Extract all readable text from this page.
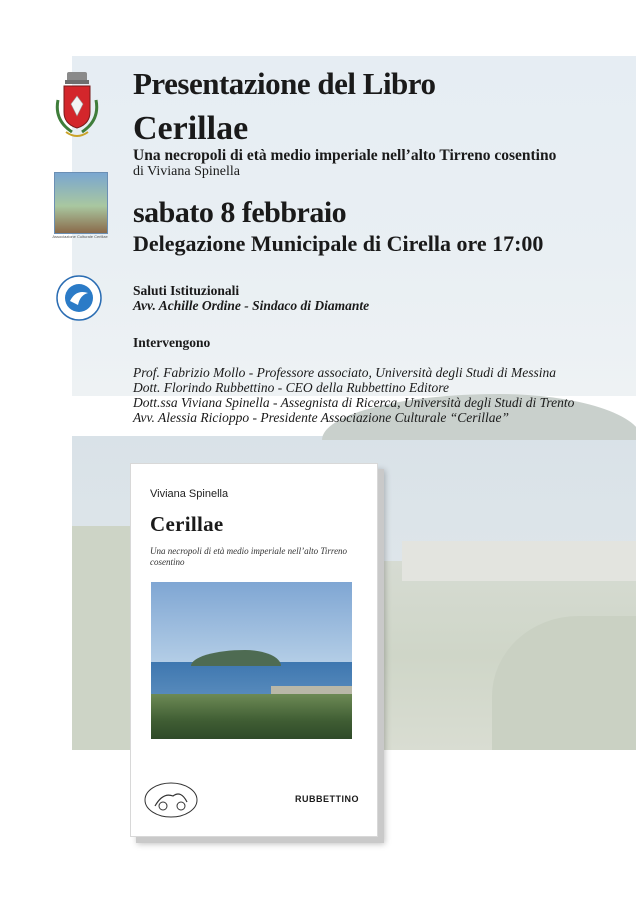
Associazione Culturale Cerillae
Presentazione del Libro
Cerillae
Una necropoli di età medio imperiale nell’alto Tirreno cosentino
di Viviana Spinella
sabato 8 febbraio
Delegazione Municipale di Cirella ore 17:00
Saluti Istituzionali
Avv. Achille Ordine - Sindaco di Diamante
Intervengono
Prof. Fabrizio Mollo - Professore associato, Università degli Studi di Messina
Dott. Florindo Rubbettino - CEO della Rubbettino Editore
Dott.ssa Viviana Spinella - Assegnista di Ricerca, Università degli Studi di Trento
Avv. Alessia Ricioppo - Presidente Associazione Culturale “Cerillae”
Viviana Spinella
Cerillae
Una necropoli di età medio imperiale nell’alto Tirreno cosentino
RUBBETTINO
